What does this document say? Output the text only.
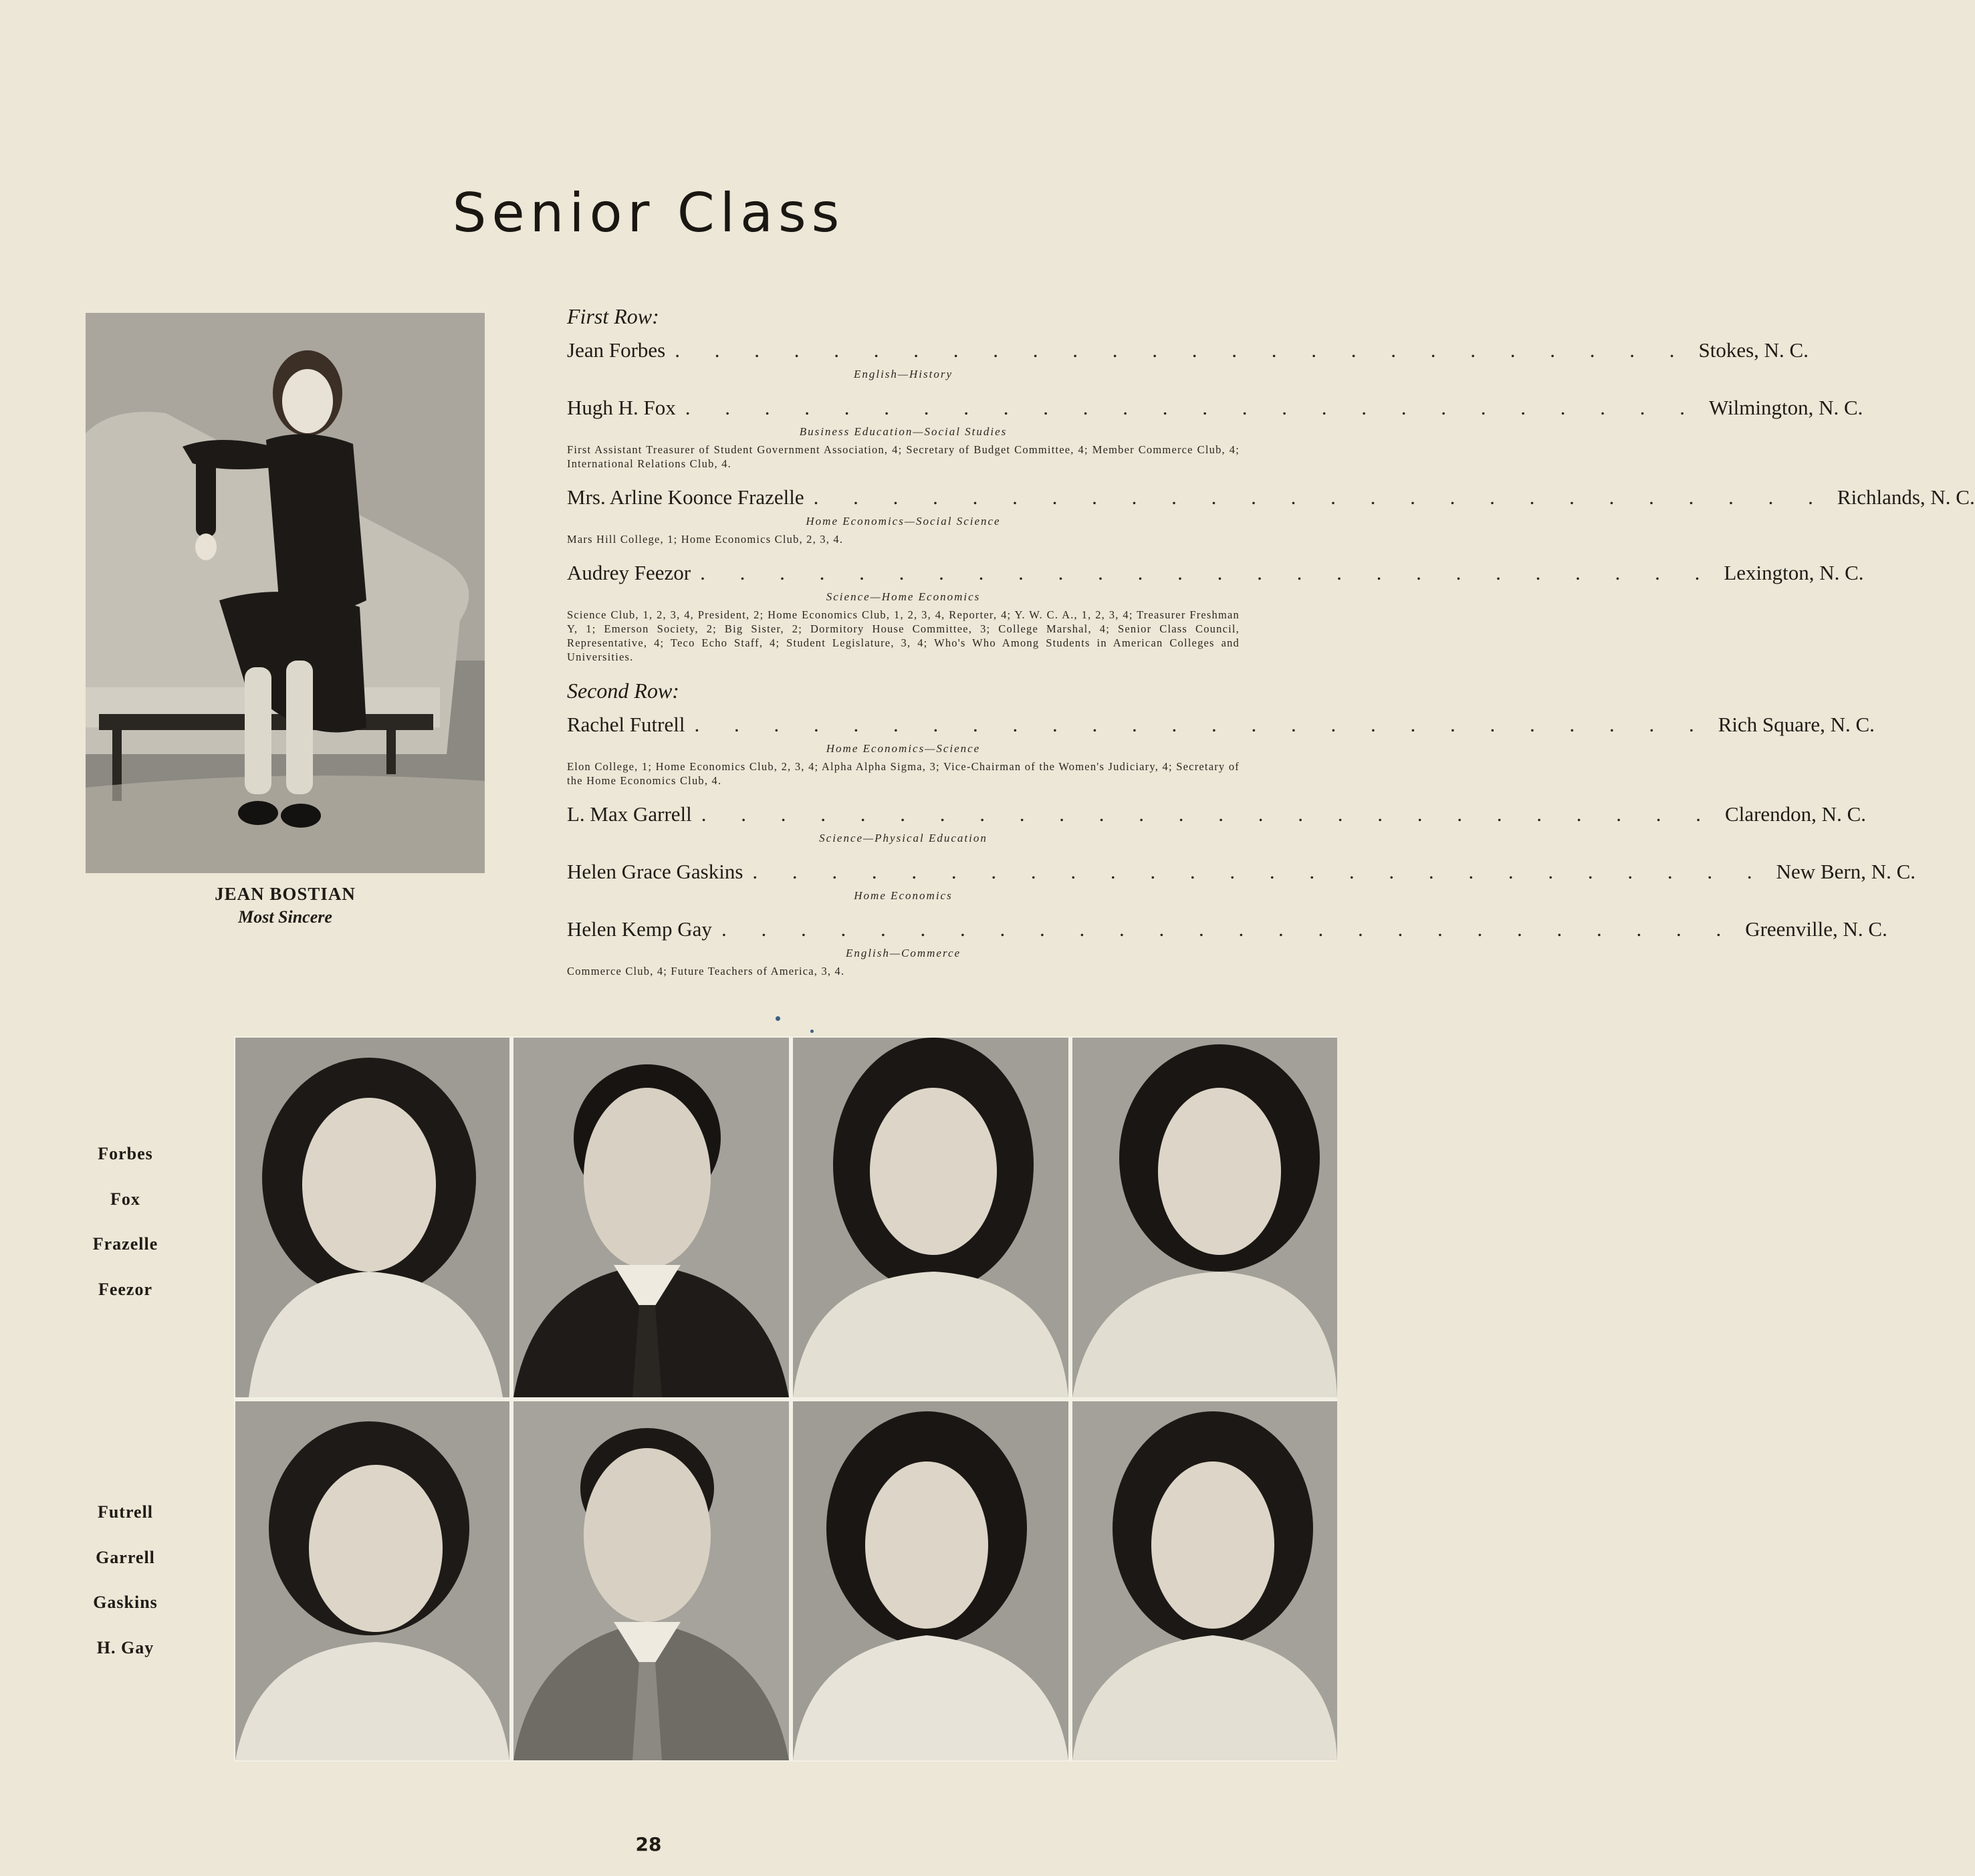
Senior Class
JEAN BOSTIAN
Most Sincere
First Row:
Jean Forbes . . . . . . . . . . . . . . . . . . . . . . . . . . Stokes, N. C.
English—History
Hugh H. Fox . . . . . . . . . . . . . . . . . . . . . . . . . . Wilmington, N. C.
Business Education—Social Studies
First Assistant Treasurer of Student Government Association, 4; Secretary of Budget Committee, 4; Member Commerce Club, 4; International Relations Club, 4.
Mrs. Arline Koonce Frazelle . . . . . . . . . . . . . . . . . . . . . . . . . . Richlands, N. C.
Home Economics—Social Science
Mars Hill College, 1; Home Economics Club, 2, 3, 4.
Audrey Feezor . . . . . . . . . . . . . . . . . . . . . . . . . . Lexington, N. C.
Science—Home Economics
Science Club, 1, 2, 3, 4, President, 2; Home Economics Club, 1, 2, 3, 4, Reporter, 4; Y. W. C. A., 1, 2, 3, 4; Treasurer Freshman Y, 1; Emerson Society, 2; Big Sister, 2; Dormitory House Committee, 3; College Marshal, 4; Senior Class Council, Representative, 4; Teco Echo Staff, 4; Student Legislature, 3, 4; Who's Who Among Students in American Colleges and Universities.
Second Row:
Rachel Futrell . . . . . . . . . . . . . . . . . . . . . . . . . . Rich Square, N. C.
Home Economics—Science
Elon College, 1; Home Economics Club, 2, 3, 4; Alpha Alpha Sigma, 3; Vice-Chairman of the Women's Judiciary, 4; Secretary of the Home Economics Club, 4.
L. Max Garrell . . . . . . . . . . . . . . . . . . . . . . . . . . Clarendon, N. C.
Science—Physical Education
Helen Grace Gaskins . . . . . . . . . . . . . . . . . . . . . . . . . . New Bern, N. C.
Home Economics
Helen Kemp Gay . . . . . . . . . . . . . . . . . . . . . . . . . . Greenville, N. C.
English—Commerce
Commerce Club, 4; Future Teachers of America, 3, 4.
Forbes
Fox
Frazelle
Feezor
Futrell
Garrell
Gaskins
H. Gay
28
